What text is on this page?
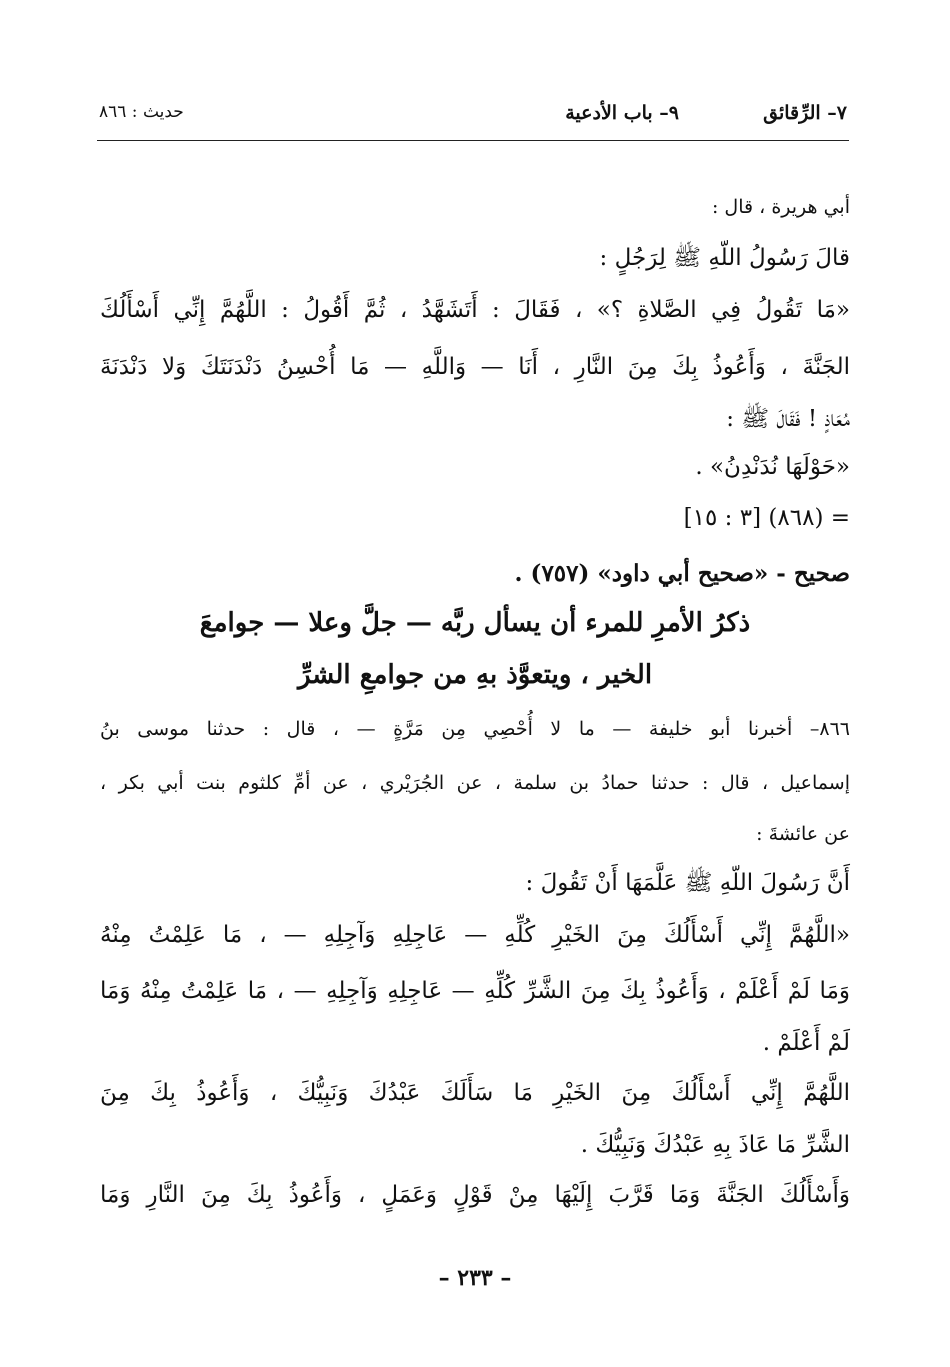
٧– الرِّقائق
٩– باب الأدعية
حديث : ٨٦٦
أبي هريرة ، قال :
قالَ رَسُولُ اللّهِ ﷺ لِرَجُلٍ :
«مَا تَقُولُ فِي الصَّلاةِ ؟» ، فَقَالَ : أَتَشَهَّدُ ، ثُمَّ أَقُولُ : اللَّهُمَّ إِنِّي أَسْأَلُكَ
الجَنَّةَ ، وَأَعُوذُ بِكَ مِنَ النَّارِ ، أَنَا — وَاللَّهِ — مَا أُحْسِنُ دَنْدَنَتَكَ وَلا دَنْدَنَةَ
مُعَاذٍ ! فَقَالَ ﷺ :
«حَوْلَهَا نُدَنْدِنُ» .
= (٨٦٨) [٣ : ١٥]
صحيح - «صحيح أبي داود» (٧٥٧) .
ذكرُ الأمرِ للمرء أن يسأل ربَّه — جلَّ وعلا — جوامعَ
الخير ، ويتعوَّذ بهِ من جوامعِ الشرِّ
٨٦٦– أخبرنا أبو خليفة — ما لا أُحْصِي مِن مَرَّةٍ — ، قال : حدثنا موسى بنُ
إسماعيل ، قال : حدثنا حمادُ بن سلمة ، عن الجُرَيْري ، عن أمِّ كلثوم بنت أبي بكر ،
عن عائشةَ :
أَنَّ رَسُولَ اللّهِ ﷺ عَلَّمَهَا أَنْ تَقُولَ :
«اللَّهُمَّ إِنِّي أَسْأَلُكَ مِنَ الخَيْرِ كُلِّهِ — عَاجِلِهِ وَآجِلِهِ — ، مَا عَلِمْتُ مِنْهُ
وَمَا لَمْ أَعْلَمْ ، وَأَعُوذُ بِكَ مِنَ الشَّرِّ كُلِّهِ — عَاجِلِهِ وَآجِلِهِ — ، مَا عَلِمْتُ مِنْهُ وَمَا
لَمْ أَعْلَمْ .
اللَّهُمَّ إِنِّي أَسْأَلُكَ مِنَ الخَيْرِ مَا سَأَلَكَ عَبْدُكَ وَنَبِيُّكَ ، وَأَعُوذُ بِكَ مِنَ
الشَّرِّ مَا عَاذَ بِهِ عَبْدُكَ وَنَبِيُّكَ .
وَأَسْأَلُكَ الجَنَّةَ وَمَا قَرَّبَ إِلَيْهَا مِنْ قَوْلٍ وَعَمَلٍ ، وَأَعُوذُ بِكَ مِنَ النَّارِ وَمَا
– ٢٣٣ –
